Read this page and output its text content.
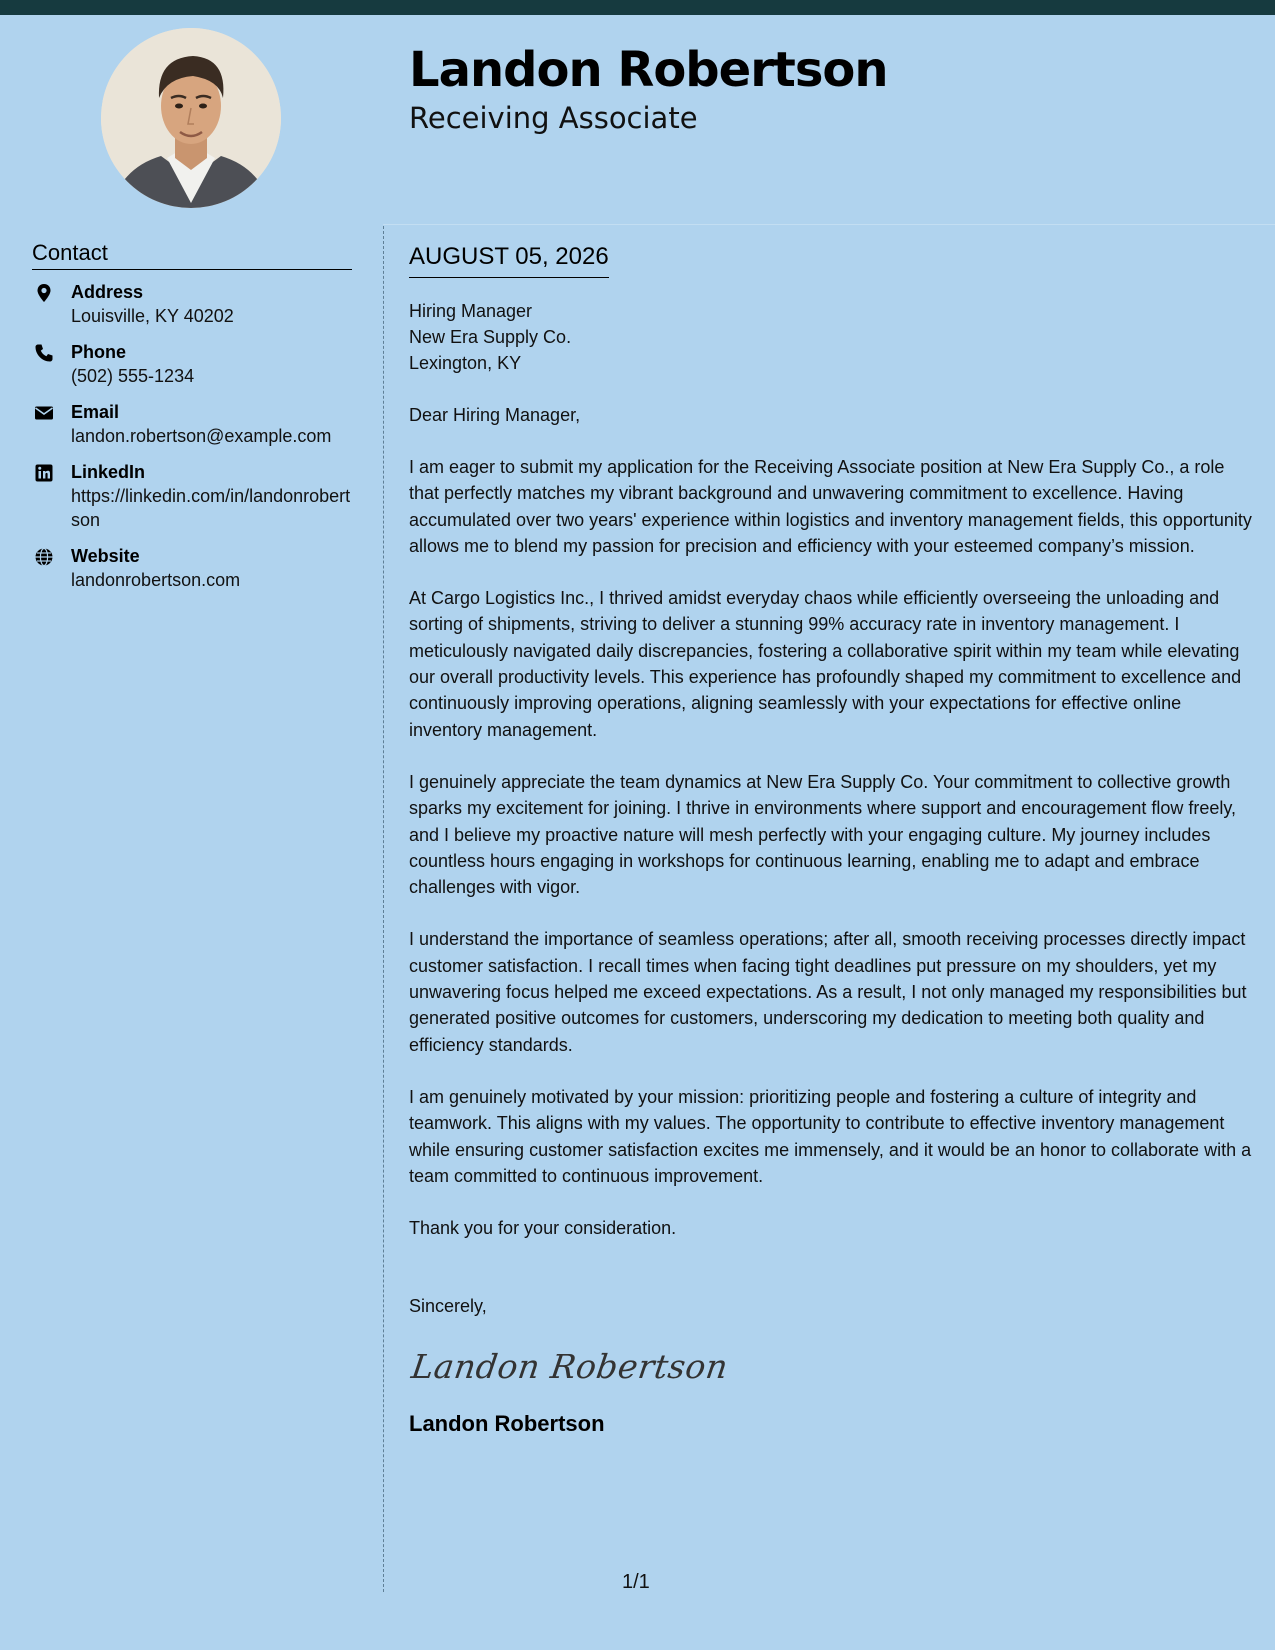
Landon Robertson
Receiving Associate
Contact
Address
Louisville, KY 40202
Phone
(502) 555-1234
Email
landon.robertson@example.com
LinkedIn
https://linkedin.com/in/landonrobertson
Website
landonrobertson.com
AUGUST 05, 2026
Hiring Manager
New Era Supply Co.
Lexington, KY
Dear Hiring Manager,
I am eager to submit my application for the Receiving Associate position at New Era Supply Co., a role that perfectly matches my vibrant background and unwavering commitment to excellence. Having accumulated over two years' experience within logistics and inventory management fields, this opportunity allows me to blend my passion for precision and efficiency with your esteemed company’s mission.
At Cargo Logistics Inc., I thrived amidst everyday chaos while efficiently overseeing the unloading and sorting of shipments, striving to deliver a stunning 99% accuracy rate in inventory management. I meticulously navigated daily discrepancies, fostering a collaborative spirit within my team while elevating our overall productivity levels. This experience has profoundly shaped my commitment to excellence and continuously improving operations, aligning seamlessly with your expectations for effective online inventory management.
I genuinely appreciate the team dynamics at New Era Supply Co. Your commitment to collective growth sparks my excitement for joining. I thrive in environments where support and encouragement flow freely, and I believe my proactive nature will mesh perfectly with your engaging culture. My journey includes countless hours engaging in workshops for continuous learning, enabling me to adapt and embrace challenges with vigor.
I understand the importance of seamless operations; after all, smooth receiving processes directly impact customer satisfaction. I recall times when facing tight deadlines put pressure on my shoulders, yet my unwavering focus helped me exceed expectations. As a result, I not only managed my responsibilities but generated positive outcomes for customers, underscoring my dedication to meeting both quality and efficiency standards.
I am genuinely motivated by your mission: prioritizing people and fostering a culture of integrity and teamwork. This aligns with my values. The opportunity to contribute to effective inventory management while ensuring customer satisfaction excites me immensely, and it would be an honor to collaborate with a team committed to continuous improvement.
Thank you for your consideration.
Sincerely,
Landon Robertson
Landon Robertson
1/1
